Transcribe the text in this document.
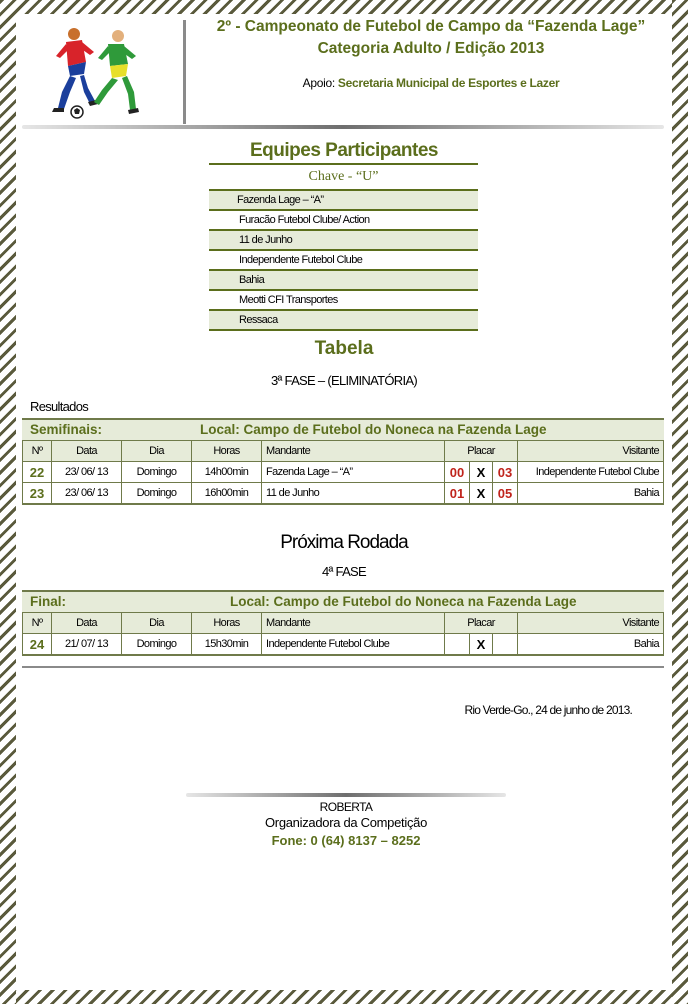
2º - Campeonato de Futebol de Campo da “Fazenda Lage”
Categoria Adulto / Edição 2013
Apoio: Secretaria Municipal de Esportes e Lazer
Equipes Participantes
Chave - “U”
Fazenda Lage – “A”
Furacão Futebol Clube/ Action
11 de Junho
Independente Futebol Clube
Bahia
Meotti CFI Transportes
Ressaca
Tabela
3ª FASE – (ELIMINATÓRIA)
Resultados
Semifinais:	Local: Campo de Futebol do Noneca na Fazenda Lage
Nº	Data	Dia	Horas	Mandante	Placar			Visitante
22	23/ 06/ 13	Domingo	14h00min	Fazenda Lage – “A”	00	X	03	Independente Futebol Clube
23	23/ 06/ 13	Domingo	16h00min	11 de Junho	01	X	05	Bahia
Próxima Rodada
4ª FASE
Final:	Local: Campo de Futebol do Noneca na Fazenda Lage
Nº	Data	Dia	Horas	Mandante	Placar			Visitante
24	21/ 07/ 13	Domingo	15h30min	Independente Futebol Clube		X		Bahia
Rio Verde-Go., 24 de junho de 2013.
ROBERTA
Organizadora da Competição
Fone: 0 (64) 8137 – 8252
